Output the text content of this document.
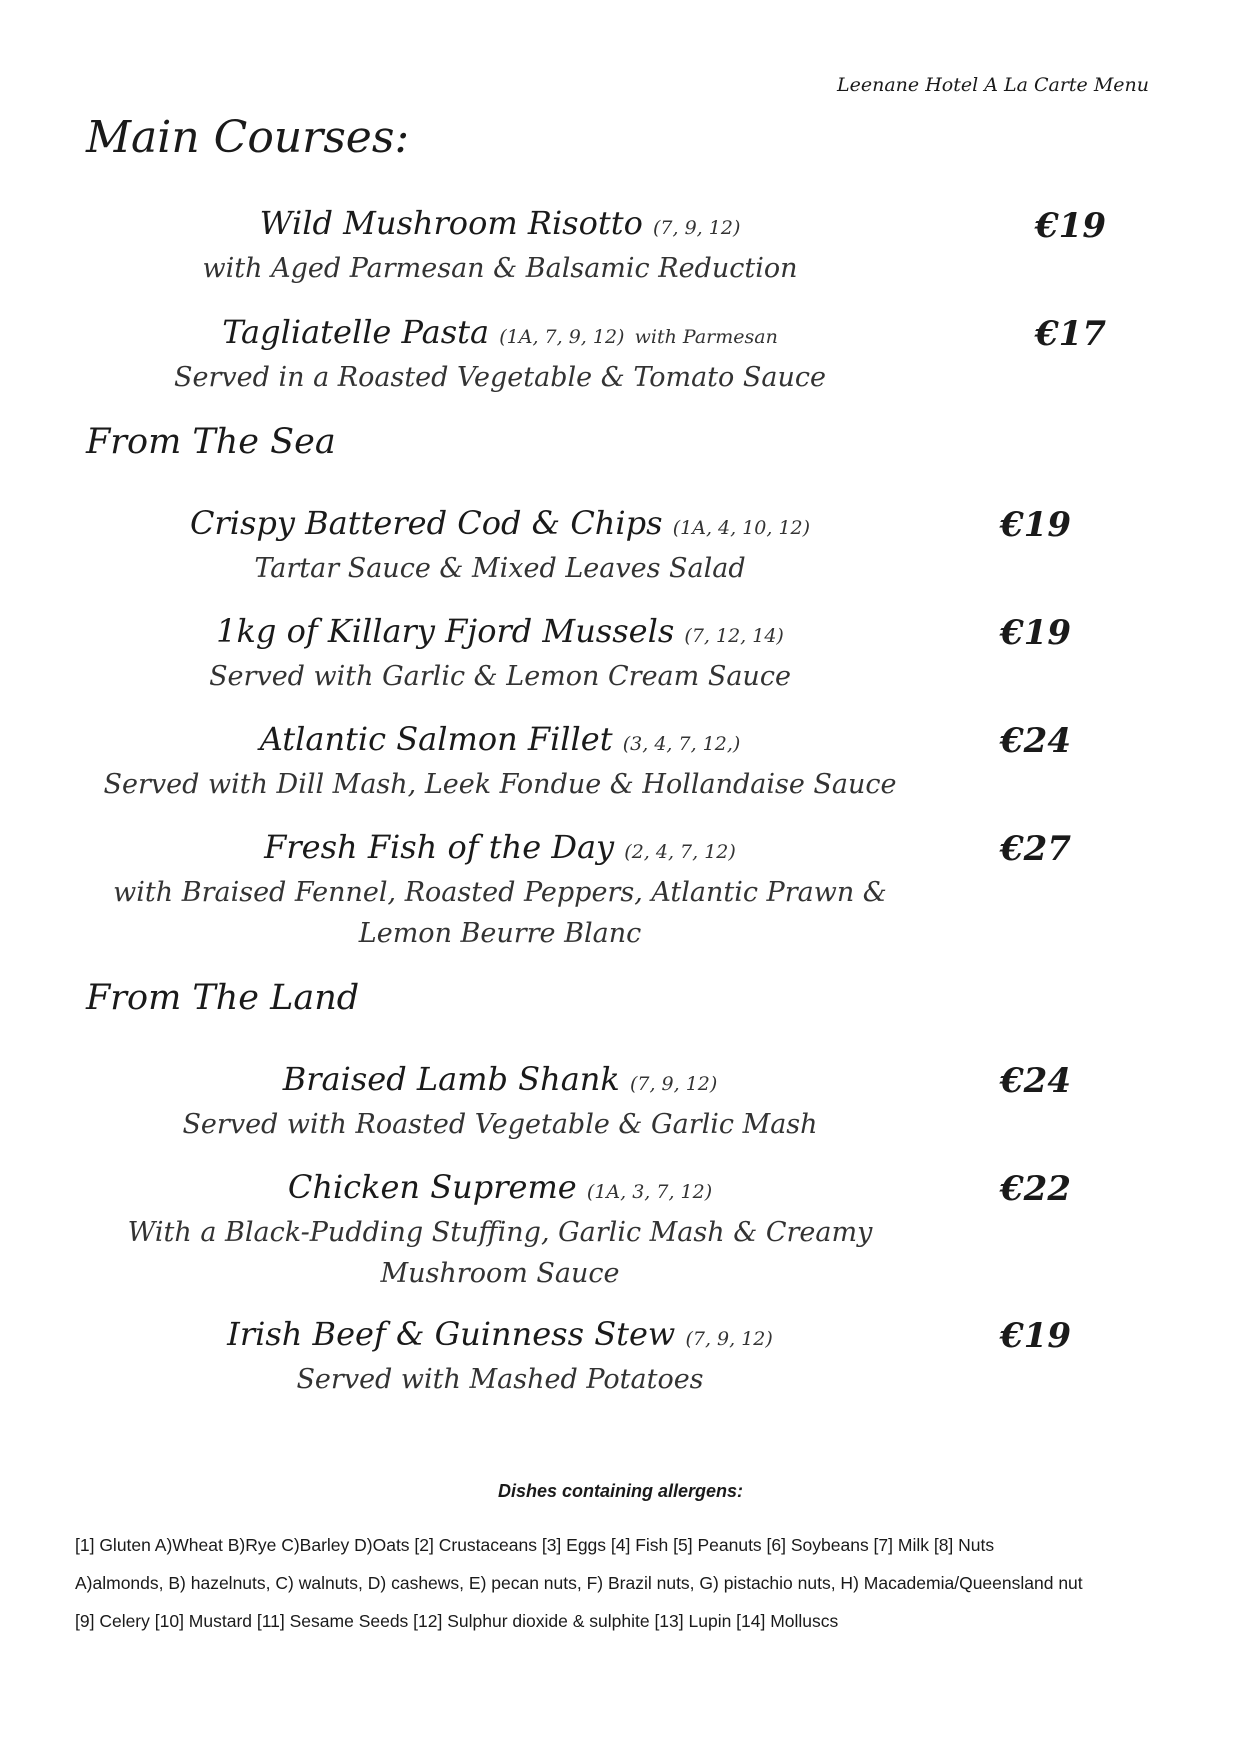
Leenane Hotel A La Carte Menu
Main Courses:
Wild Mushroom Risotto (7, 9, 12)
with Aged Parmesan & Balsamic Reduction
€19
Tagliatelle Pasta (1A, 7, 9, 12) with Parmesan
Served in a Roasted Vegetable & Tomato Sauce
€17
From The Sea
Crispy Battered Cod & Chips (1A, 4, 10, 12)
Tartar Sauce & Mixed Leaves Salad
€19
1kg of Killary Fjord Mussels (7, 12, 14)
Served with Garlic & Lemon Cream Sauce
€19
Atlantic Salmon Fillet (3, 4, 7, 12,)
Served with Dill Mash, Leek Fondue & Hollandaise Sauce
€24
Fresh Fish of the Day (2, 4, 7, 12)
with Braised Fennel, Roasted Peppers, Atlantic Prawn &
Lemon Beurre Blanc
€27
From The Land
Braised Lamb Shank (7, 9, 12)
Served with Roasted Vegetable & Garlic Mash
€24
Chicken Supreme (1A, 3, 7, 12)
With a Black-Pudding Stuffing, Garlic Mash & Creamy
Mushroom Sauce
€22
Irish Beef & Guinness Stew (7, 9, 12)
Served with Mashed Potatoes
€19
Dishes containing allergens:
[1] Gluten A)Wheat B)Rye C)Barley D)Oats [2] Crustaceans [3] Eggs [4] Fish [5] Peanuts [6] Soybeans [7] Milk [8] Nuts
A)almonds, B) hazelnuts, C) walnuts, D) cashews, E) pecan nuts, F) Brazil nuts, G) pistachio nuts, H) Macademia/Queensland nut
[9] Celery [10] Mustard [11] Sesame Seeds [12] Sulphur dioxide & sulphite [13] Lupin [14] Molluscs
